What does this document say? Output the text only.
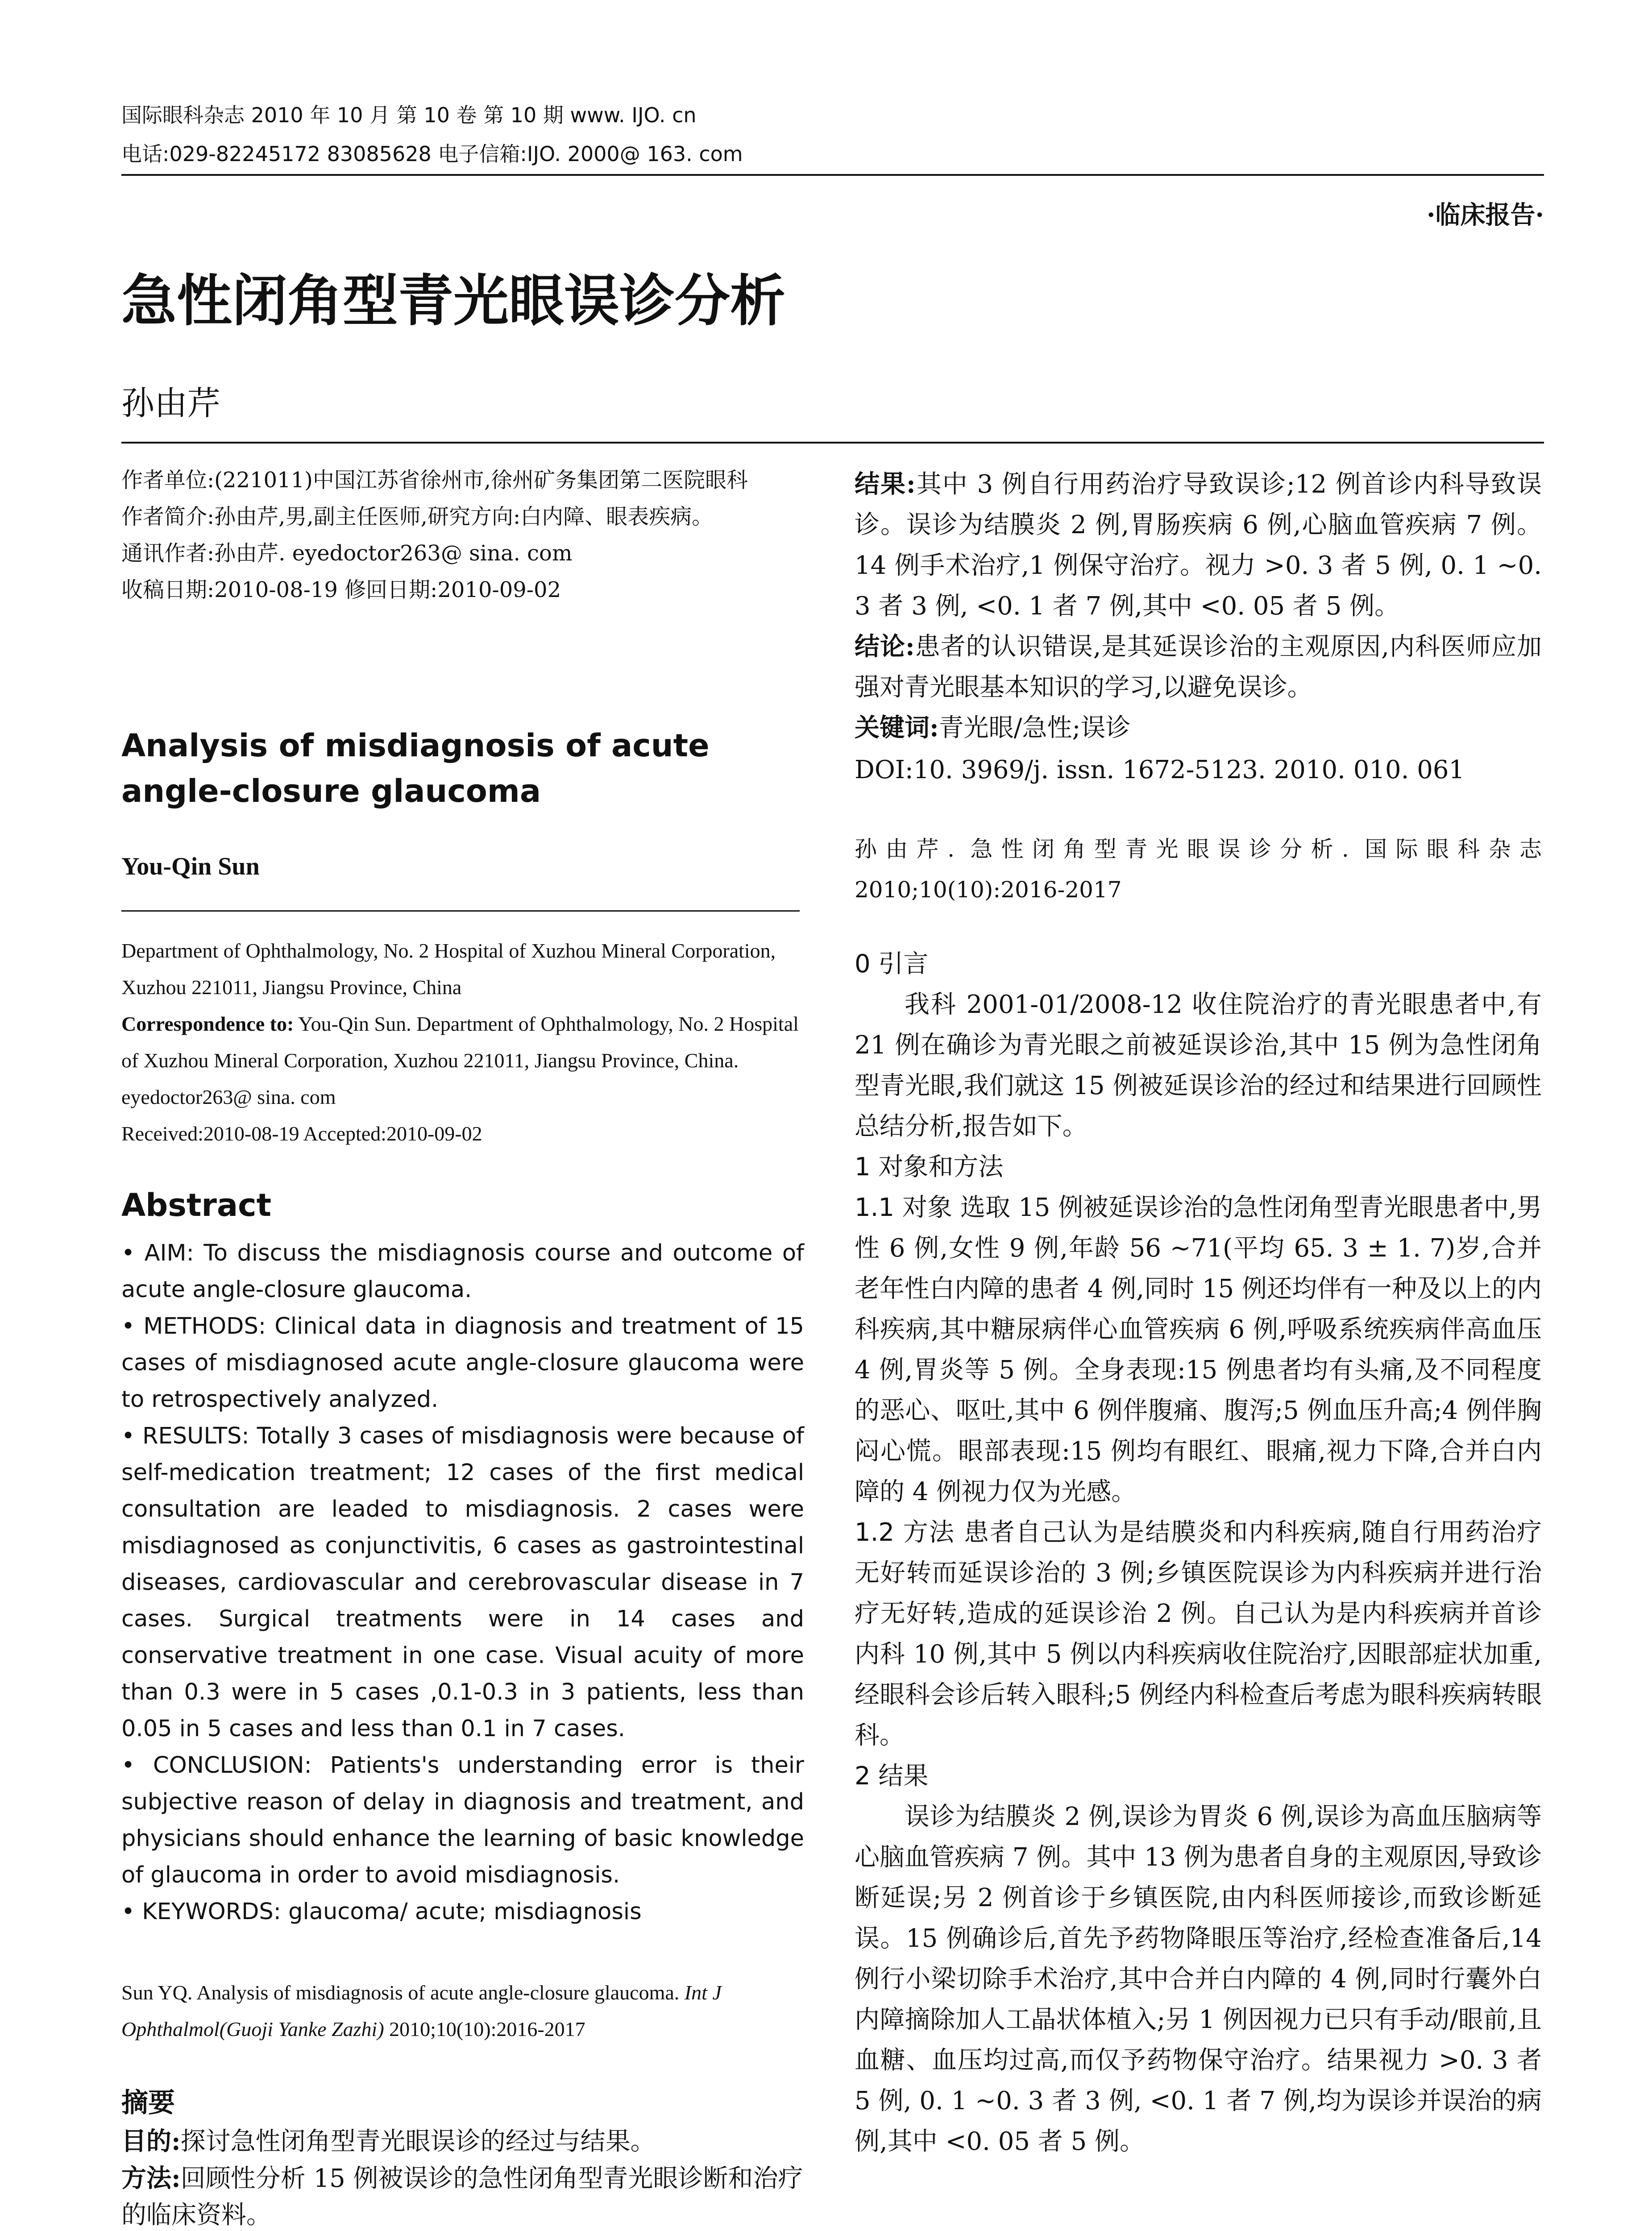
国际眼科杂志 2010 年 10 月 第 10 卷 第 10 期 www. IJO. cn
电话:029-82245172 83085628 电子信箱:IJO. 2000@ 163. com
·临床报告·
急性闭角型青光眼误诊分析
孙由芹
作者单位:(221011)中国江苏省徐州市,徐州矿务集团第二医院眼科
作者简介:孙由芹,男,副主任医师,研究方向:白内障、眼表疾病。
通讯作者:孙由芹. eyedoctor263@ sina. com
收稿日期:2010-08-19 修回日期:2010-09-02
Analysis of misdiagnosis of acute angle-closure glaucoma
You-Qin Sun
Department of Ophthalmology, No. 2 Hospital of Xuzhou Mineral Corporation, Xuzhou 221011, Jiangsu Province, China
Correspondence to: You-Qin Sun. Department of Ophthalmology, No. 2 Hospital of Xuzhou Mineral Corporation, Xuzhou 221011, Jiangsu Province, China. eyedoctor263@ sina. com
Received:2010-08-19 Accepted:2010-09-02
Abstract

• AIM: To discuss the misdiagnosis course and outcome of acute angle-closure glaucoma.

• METHODS: Clinical data in diagnosis and treatment of 15 cases of misdiagnosed acute angle-closure glaucoma were to retrospectively analyzed.

• RESULTS: Totally 3 cases of misdiagnosis were because of self-medication treatment; 12 cases of the first medical consultation are leaded to misdiagnosis. 2 cases were misdiagnosed as conjunctivitis, 6 cases as gastrointestinal diseases, cardiovascular and cerebrovascular disease in 7 cases. Surgical treatments were in 14 cases and conservative treatment in one case. Visual acuity of more than 0.3 were in 5 cases ,0.1-0.3 in 3 patients, less than 0.05 in 5 cases and less than 0.1 in 7 cases.

• CONCLUSION: Patients's understanding error is their subjective reason of delay in diagnosis and treatment, and physicians should enhance the learning of basic knowledge of glaucoma in order to avoid misdiagnosis.

• KEYWORDS: glaucoma/ acute; misdiagnosis

Sun YQ. Analysis of misdiagnosis of acute angle-closure glaucoma. Int J Ophthalmol(Guoji Yanke Zazhi) 2010;10(10):2016-2017
摘要

目的:探讨急性闭角型青光眼误诊的经过与结果。

方法:回顾性分析 15 例被误诊的急性闭角型青光眼诊断和治疗的临床资料。

结果:其中 3 例自行用药治疗导致误诊;12 例首诊内科导致误诊。误诊为结膜炎 2 例,胃肠疾病 6 例,心脑血管疾病 7 例。14 例手术治疗,1 例保守治疗。视力 >0. 3 者 5 例, 0. 1 ~0. 3 者 3 例, <0. 1 者 7 例,其中 <0. 05 者 5 例。

结论:患者的认识错误,是其延误诊治的主观原因,内科医师应加强对青光眼基本知识的学习,以避免误诊。

关键词:青光眼/急性;误诊

DOI:10. 3969/j. issn. 1672-5123. 2010. 010. 061
孙由芹. 急性闭角型青光眼误诊分析. 国际眼科杂志 2010;10(10):2016-2017

0 引言

我科 2001-01/2008-12 收住院治疗的青光眼患者中,有 21 例在确诊为青光眼之前被延误诊治,其中 15 例为急性闭角型青光眼,我们就这 15 例被延误诊治的经过和结果进行回顾性总结分析,报告如下。

1 对象和方法

1.1 对象 选取 15 例被延误诊治的急性闭角型青光眼患者中,男性 6 例,女性 9 例,年龄 56 ~71(平均 65. 3 ± 1. 7)岁,合并老年性白内障的患者 4 例,同时 15 例还均伴有一种及以上的内科疾病,其中糖尿病伴心血管疾病 6 例,呼吸系统疾病伴高血压 4 例,胃炎等 5 例。全身表现:15 例患者均有头痛,及不同程度的恶心、呕吐,其中 6 例伴腹痛、腹泻;5 例血压升高;4 例伴胸闷心慌。眼部表现:15 例均有眼红、眼痛,视力下降,合并白内障的 4 例视力仅为光感。

1.2 方法 患者自己认为是结膜炎和内科疾病,随自行用药治疗无好转而延误诊治的 3 例;乡镇医院误诊为内科疾病并进行治疗无好转,造成的延误诊治 2 例。自己认为是内科疾病并首诊内科 10 例,其中 5 例以内科疾病收住院治疗,因眼部症状加重,经眼科会诊后转入眼科;5 例经内科检查后考虑为眼科疾病转眼科。

2 结果

误诊为结膜炎 2 例,误诊为胃炎 6 例,误诊为高血压脑病等心脑血管疾病 7 例。其中 13 例为患者自身的主观原因,导致诊断延误;另 2 例首诊于乡镇医院,由内科医师接诊,而致诊断延误。15 例确诊后,首先予药物降眼压等治疗,经检查准备后,14 例行小梁切除手术治疗,其中合并白内障的 4 例,同时行囊外白内障摘除加人工晶状体植入;另 1 例因视力已只有手动/眼前,且血糖、血压均过高,而仅予药物保守治疗。结果视力 >0. 3 者 5 例, 0. 1 ~0. 3 者 3 例, <0. 1 者 7 例,均为误诊并误治的病例,其中 <0. 05 者 5 例。
